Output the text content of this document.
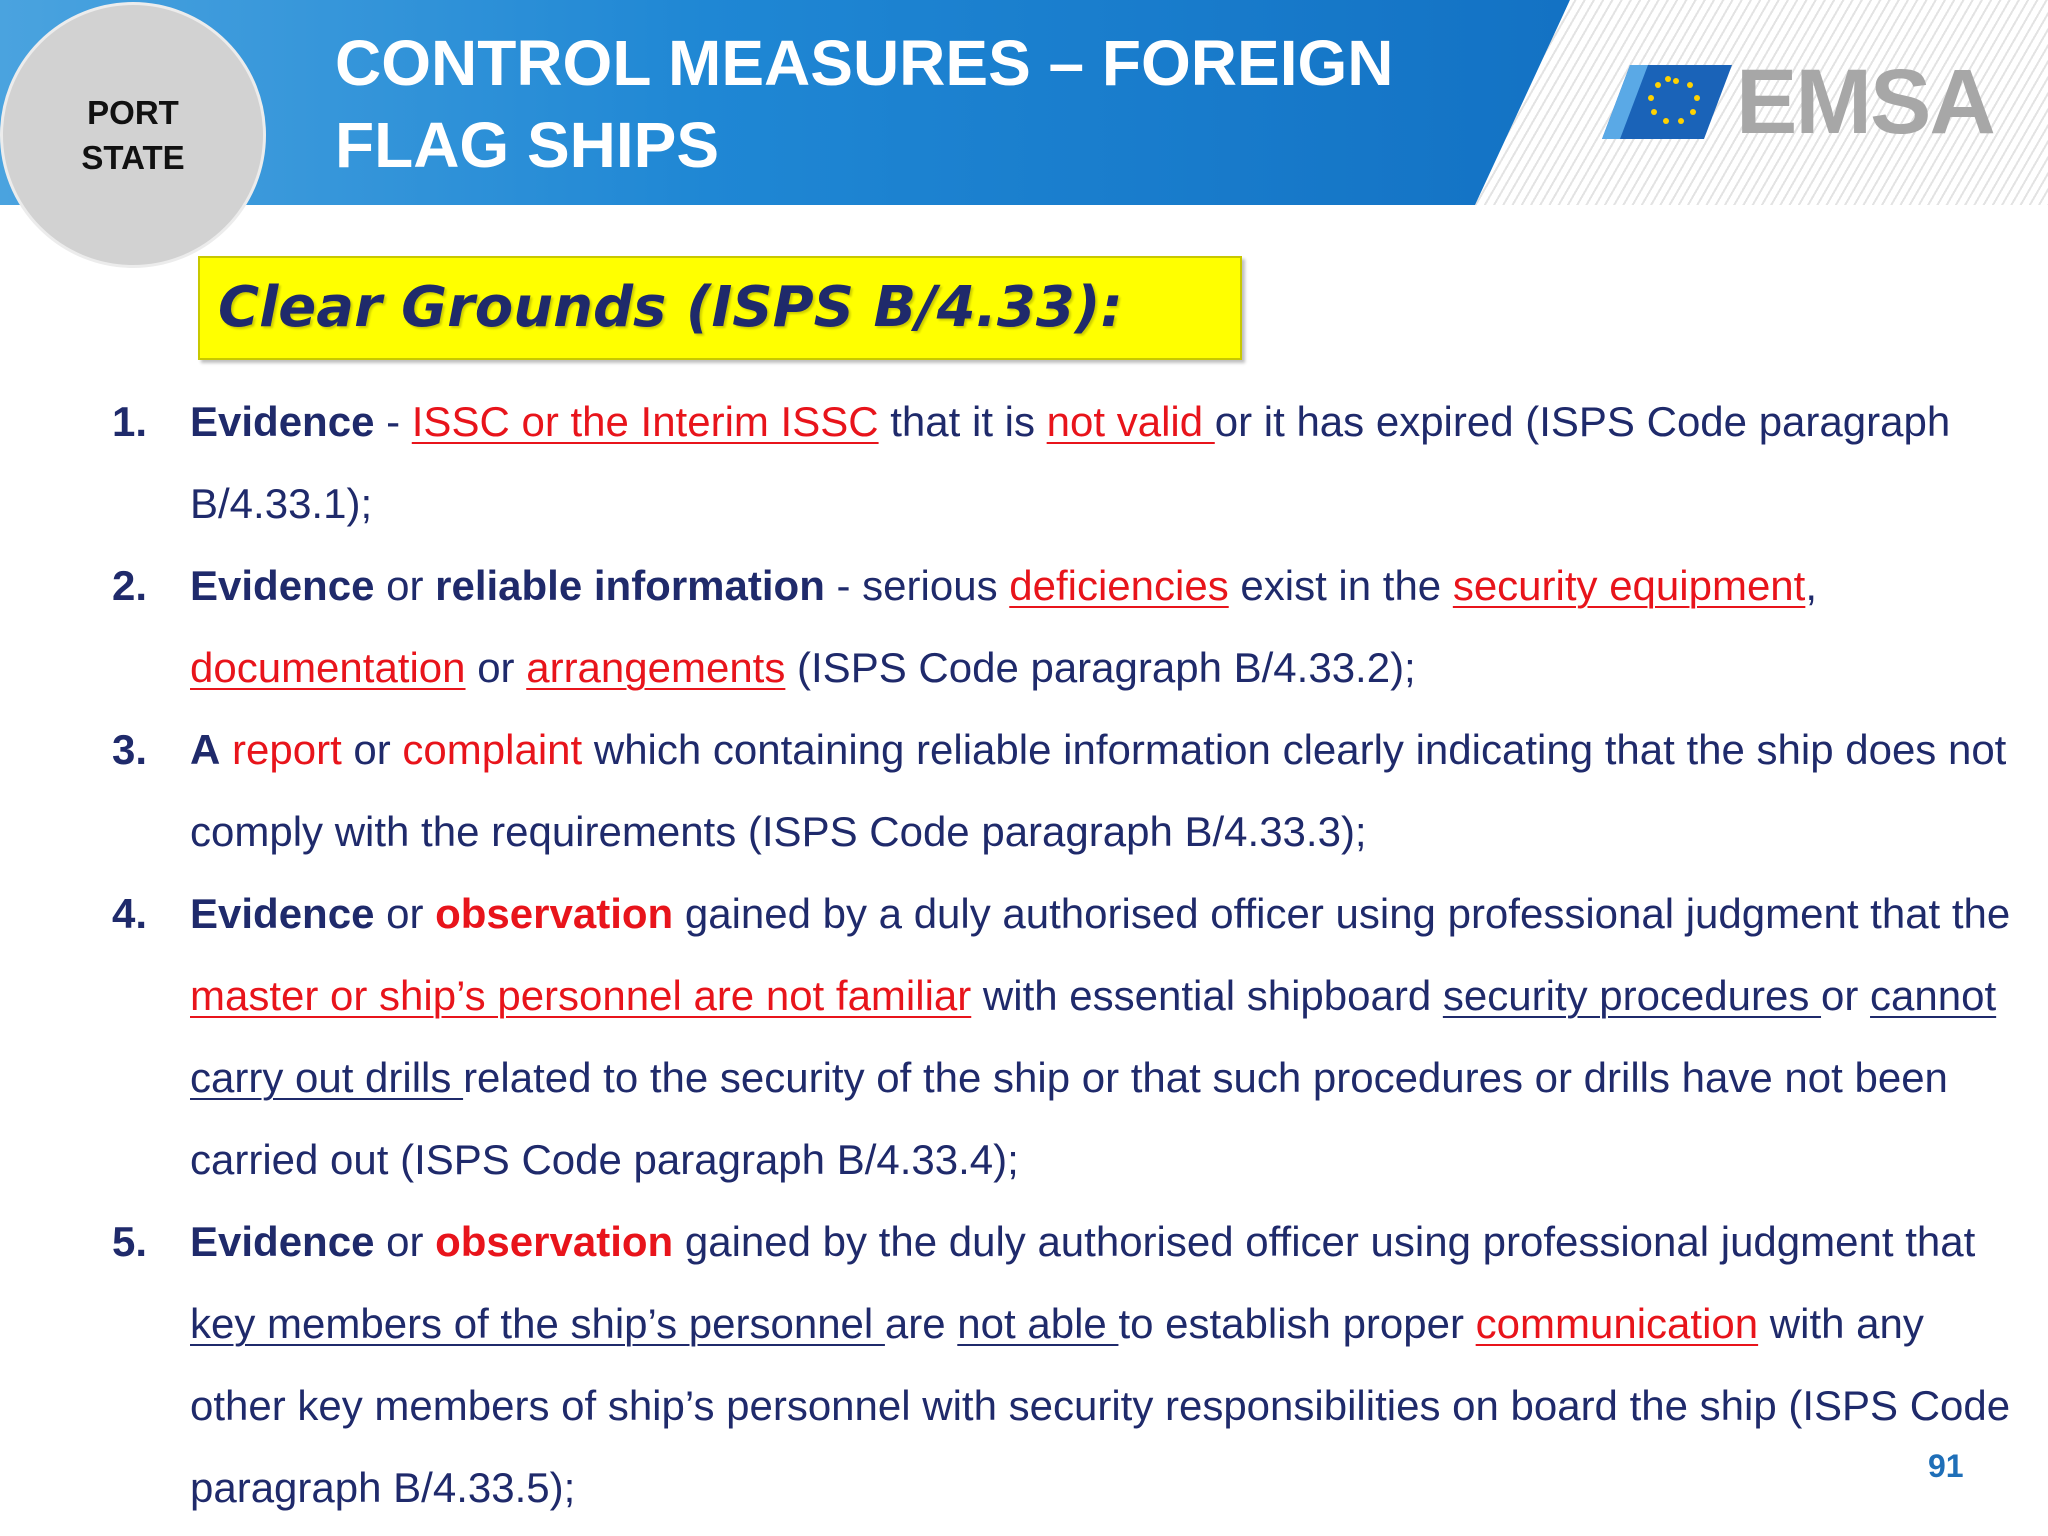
PORT
STATE
CONTROL MEASURES – FOREIGN
FLAG SHIPS	EMSA
Clear Grounds (ISPS B/4.33):
1. Evidence - ISSC or the Interim ISSC that it is not valid or it has expired (ISPS Code paragraph B/4.33.1);
2. Evidence or reliable information - serious deficiencies exist in the security equipment, documentation or arrangements (ISPS Code paragraph B/4.33.2);
3. A report or complaint which containing reliable information clearly indicating that the ship does not comply with the requirements (ISPS Code paragraph B/4.33.3);
4. Evidence or observation gained by a duly authorised officer using professional judgment that the master or ship’s personnel are not familiar with essential shipboard security procedures or cannot carry out drills related to the security of the ship or that such procedures or drills have not been carried out (ISPS Code paragraph B/4.33.4);
5. Evidence or observation gained by the duly authorised officer using professional judgment that key members of the ship’s personnel are not able to establish proper communication with any other key members of ship’s personnel with security responsibilities on board the ship (ISPS Code paragraph B/4.33.5);	91
